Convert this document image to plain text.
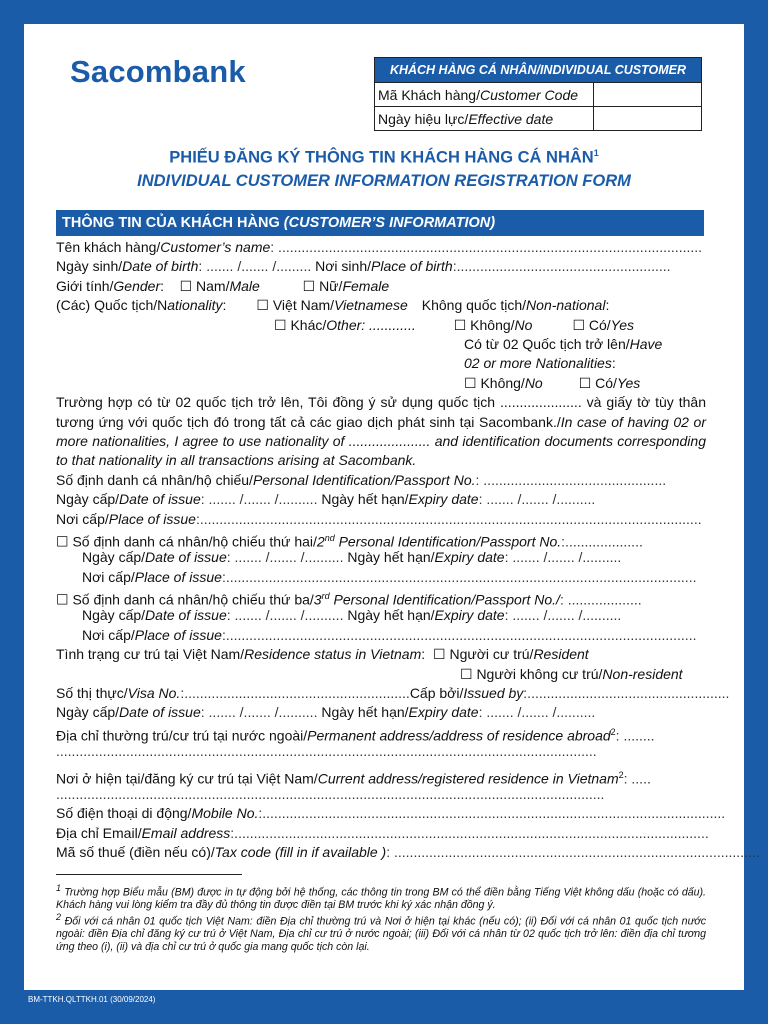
Sacombank	KHÁCH HÀNG CÁ NHÂN/INDIVIDUAL CUSTOMER	
Mã Khách hàng/Customer Code	
Ngày hiệu lực/Effective date	
PHIẾU ĐĂNG KÝ THÔNG TIN KHÁCH HÀNG CÁ NHÂN$^1$
INDIVIDUAL CUSTOMER INFORMATION REGISTRATION FORM
THÔNG TIN CỦA KHÁCH HÀNG (CUSTOMER’S INFORMATION)
Tên khách hàng/Customer’s name: .............................................................................................................
Ngày sinh/Date of birth: ....... /....... /......... Nơi sinh/Place of birth:.......................................................
Giới tính/Gender:    ☐ Nam/Male	☐ Nữ/Female
(Các) Quốc tịch/Nationality: ☐ Việt Nam/Vietnamese Không quốc tịch/Non-national:
☐ Khác/Other: ............	☐ Không/No	☐ Có/Yes
Có từ 02 Quốc tịch trở lên/Have
02 or more Nationalities:
☐ Không/No	☐ Có/Yes
Trường hợp có từ 02 quốc tịch trở lên, Tôi đồng ý sử dụng quốc tịch ..................... và giấy tờ tùy thân tương ứng với quốc tịch đó trong tất cả các giao dịch phát sinh tại Sacombank./In case of having 02 or more nationalities, I agree to use nationality of ..................... and identification documents corresponding to that nationality in all transactions arising at Sacombank.
Số định danh cá nhân/hộ chiếu/Personal Identification/Passport No.: ...............................................
Ngày cấp/Date of issue: ....... /....... /.......... Ngày hết hạn/Expiry date: ....... /....... /..........
Nơi cấp/Place of issue:.................................................................................................................................
☐ Số định danh cá nhân/hộ chiếu thứ hai/2nd Personal Identification/Passport No.:....................
Ngày cấp/Date of issue: ....... /....... /.......... Ngày hết hạn/Expiry date: ....... /....... /..........
Nơi cấp/Place of issue:.........................................................................................................................
☐ Số định danh cá nhân/hộ chiếu thứ ba/3rd Personal Identification/Passport No./: ...................
Ngày cấp/Date of issue: ....... /....... /.......... Ngày hết hạn/Expiry date: ....... /....... /..........
Nơi cấp/Place of issue:.........................................................................................................................
Tình trạng cư trú tại Việt Nam/Residence status in Vietnam: ☐ Người cư trú/Resident
☐ Người không cư trú/Non-resident
Số thị thực/Visa No.:..........................................................Cấp bởi/Issued by:....................................................
Ngày cấp/Date of issue: ....... /....... /.......... Ngày hết hạn/Expiry date: ....... /....... /..........
Địa chỉ thường trú/cư trú tại nước ngoài/Permanent address/address of residence abroad$^2$: ........
...........................................................................................................................................
Nơi ở hiện tại/đăng ký cư trú tại Việt Nam/Current address/registered residence in Vietnam$^2$: .....
.............................................................................................................................................
Số điện thoại di động/Mobile No.:.......................................................................................................................
Địa chỉ Email/Email address:..........................................................................................................................
Mã số thuế (điền nếu có)/Tax code (fill in if available ): ..............................................................................................
$^1$ Trường hợp Biểu mẫu (BM) được in tự động bởi hệ thống, các thông tin trong BM có thể điền bằng Tiếng Việt không dấu (hoặc có dấu). Khách hàng vui lòng kiểm tra đầy đủ thông tin được điền tại BM trước khi ký xác nhận đồng ý.
$^2$ Đối với cá nhân 01 quốc tịch Việt Nam: điền Địa chỉ thường trú và Nơi ở hiện tại khác (nếu có); (ii) Đối với cá nhân 01 quốc tịch nước ngoài: điền Địa chỉ đăng ký cư trú ở Việt Nam, Địa chỉ cư trú ở nước ngoài; (iii) Đối với cá nhân từ 02 quốc tịch trở lên: điền địa chỉ tương ứng theo (i), (ii) và địa chỉ cư trú ở quốc gia mang quốc tịch còn lại.
BM-TTKH.QLTTKH.01 (30/09/2024)
